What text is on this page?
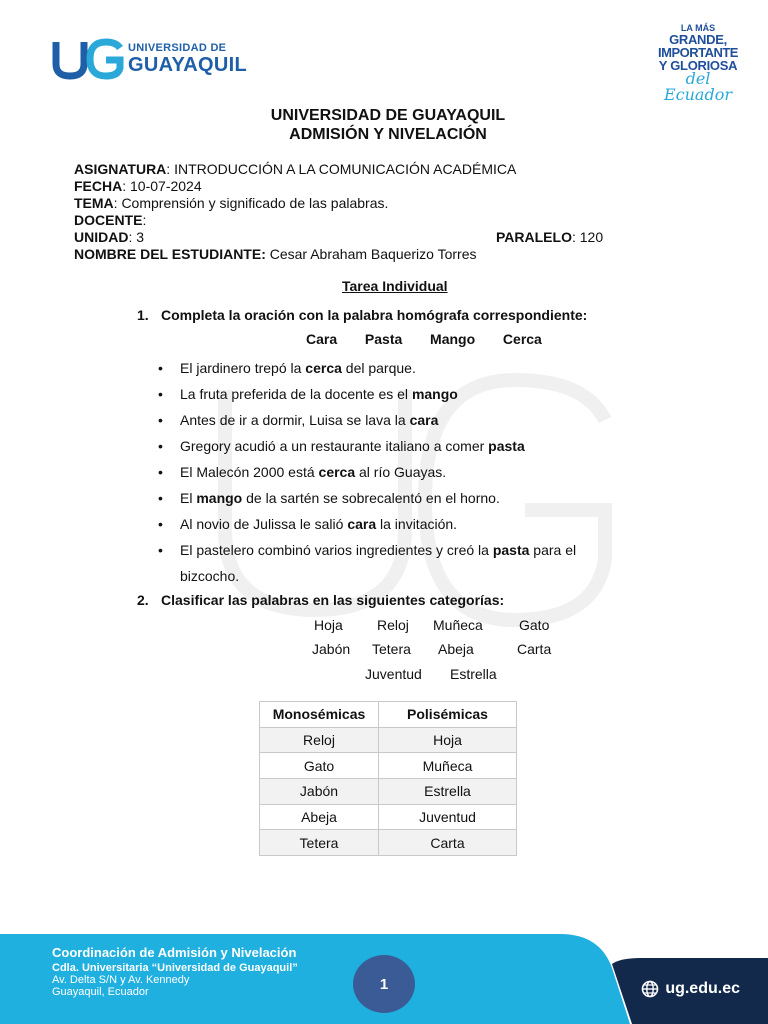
UNIVERSIDAD DE
GUAYAQUIL
LA MÁS
GRANDE,
IMPORTANTE
Y GLORIOSA
del Ecuador
UNIVERSIDAD DE GUAYAQUIL
ADMISIÓN Y NIVELACIÓN
ASIGNATURA: INTRODUCCIÓN A LA COMUNICACIÓN ACADÉMICA
FECHA: 10-07-2024
TEMA: Comprensión y significado de las palabras.
DOCENTE:
UNIDAD: 3	PARALELO: 120
NOMBRE DEL ESTUDIANTE: Cesar Abraham Baquerizo Torres
Tarea Individual
1. Completa la oración con la palabra homógrafa correspondiente:
Cara  Pasta  Mango  Cerca
• El jardinero trepó la cerca del parque.
• La fruta preferida de la docente es el mango
• Antes de ir a dormir, Luisa se lava la cara
• Gregory acudió a un restaurante italiano a comer pasta
• El Malecón 2000 está cerca al río Guayas.
• El mango de la sartén se sobrecalentó en el horno.
• Al novio de Julissa le salió cara la invitación.
• El pastelero combinó varios ingredientes y creó la pasta para el bizcocho.
2. Clasificar las palabras en las siguientes categorías:
Hoja Reloj Muñeca	Gato
Jabón Tetera Abeja	Carta
Juventud Estrella
Monosémicas	Polisémicas
Reloj	Hoja
Gato	Muñeca
Jabón	Estrella
Abeja	Juventud
Tetera	Carta
Coordinación de Admisión y Nivelación
Cdla. Universitaria “Universidad de Guayaquil”
Av. Delta S/N y Av. Kennedy
Guayaquil, Ecuador	1	ug.edu.ec
